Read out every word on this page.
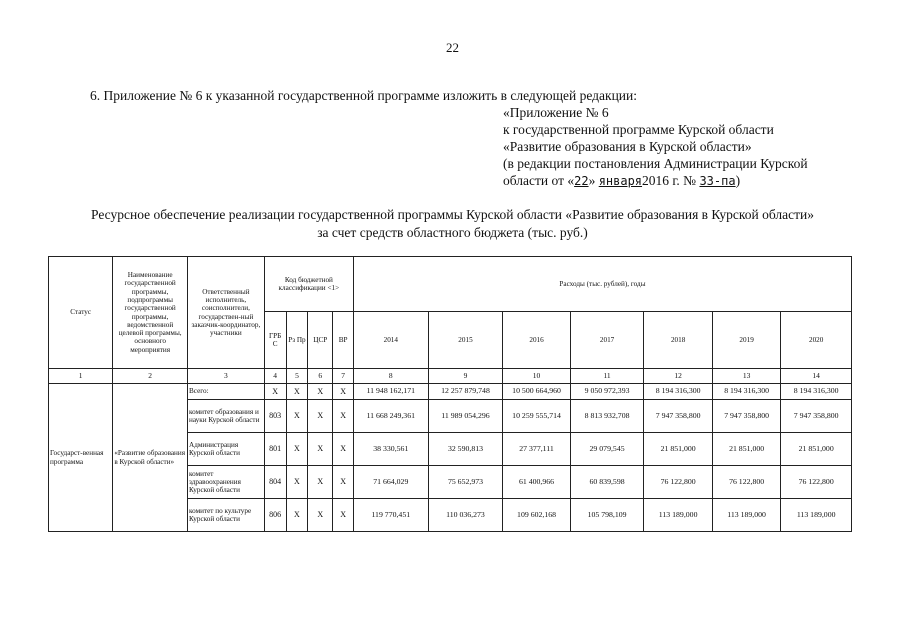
22
6. Приложение № 6 к указанной государственной программе изложить в следующей редакции:
«Приложение № 6
к государственной программе Курской области
«Развитие образования в Курской области»
(в редакции постановления Администрации Курской
области от «22» января2016 г. № 33-па)
Ресурсное обеспечение реализации государственной программы Курской области «Развитие образования в Курской области»
за счет средств областного бюджета (тыс. руб.)
Статус	Наименование государственной программы, подпрограммы государственной программы, ведомственной целевой программы, основного мероприятия	Ответственный исполнитель, соисполнители, государствен-ный заказчик-координатор, участники	Код бюджетной классификации <1>				Расходы (тыс. рублей), годы						
			ГРБ С	Рз Пр	ЦСР	ВР	2014	2015	2016	2017	2018	2019	2020
1	2	3	4	5	6	7	8	9	10	11	12	13	14
Государст-венная программа	«Развитие образования в Курской области»	Всего:	Х	Х	Х	Х	11 948 162,171	12 257 879,748	10 500 664,960	9 050 972,393	8 194 316,300	8 194 316,300	8 194 316,300
		комитет образования и науки Курской области	803	Х	Х	Х	11 668 249,361	11 989 054,296	10 259 555,714	8 813 932,708	7 947 358,800	7 947 358,800	7 947 358,800
		Администрация Курской области	801	Х	Х	Х	38 330,561	32 590,813	27 377,111	29 079,545	21 851,000	21 851,000	21 851,000
		комитет здравоохранения Курской области	804	Х	Х	Х	71 664,029	75 652,973	61 400,966	60 839,598	76 122,800	76 122,800	76 122,800
		комитет по культуре Курской области	806	Х	Х	Х	119 770,451	110 036,273	109 602,168	105 798,109	113 189,000	113 189,000	113 189,000
